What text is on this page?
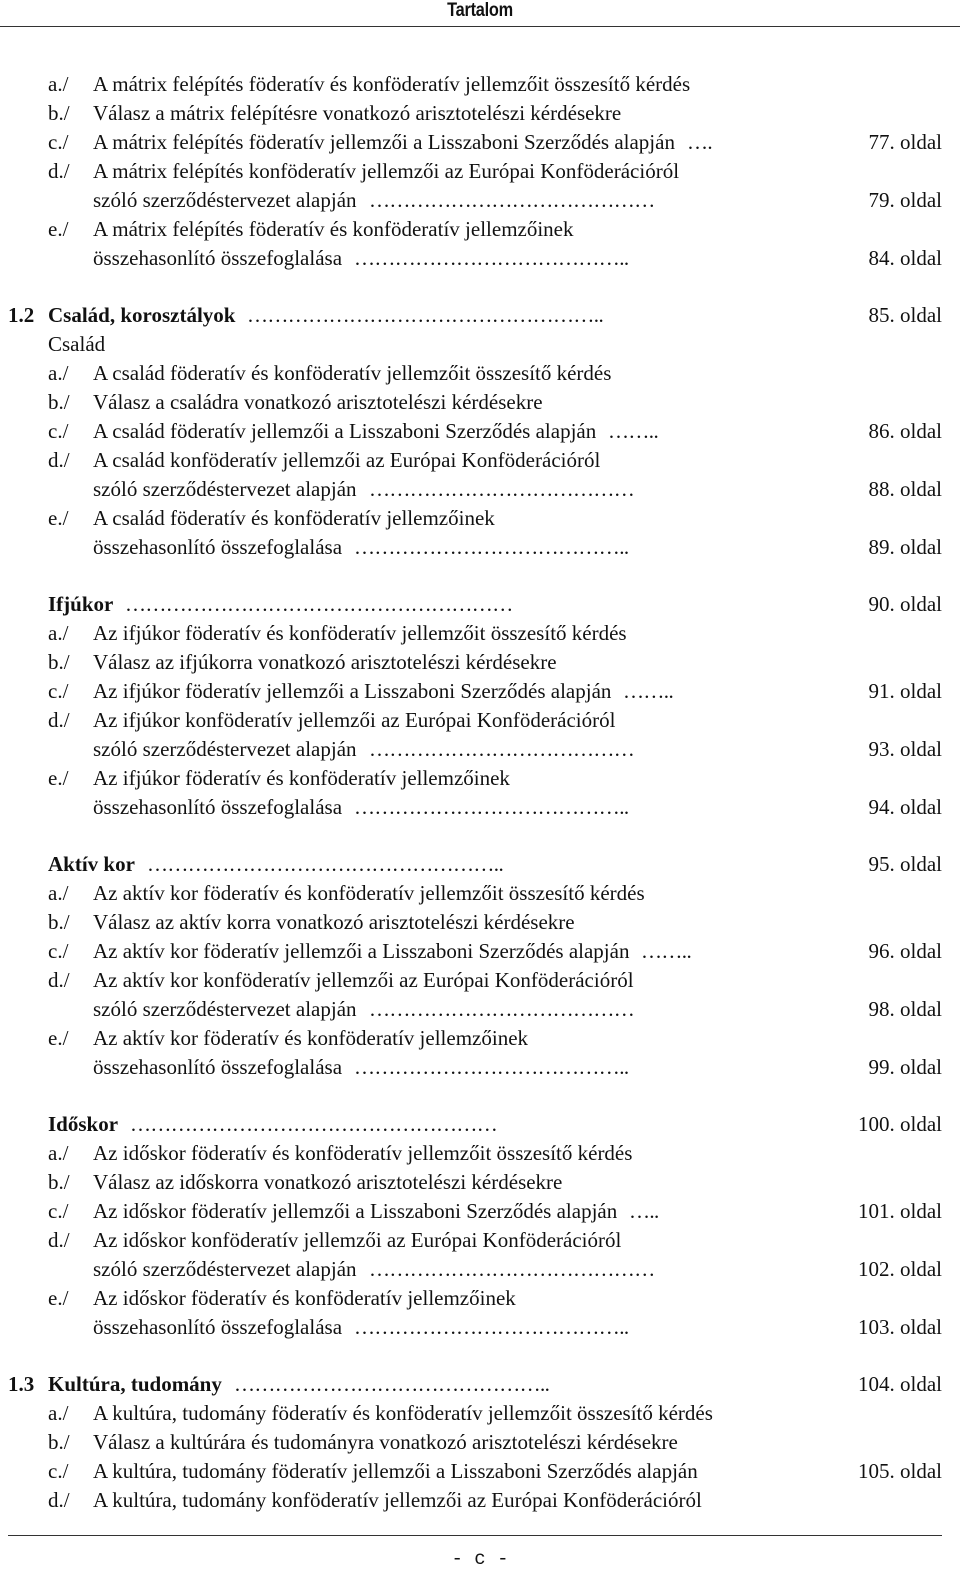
Tartalom
a./ A mátrix felépítés föderatív és konföderatív jellemzőit összesítő kérdés
b./ Válasz a mátrix felépítésre vonatkozó arisztotelészi kérdésekre
c./ A mátrix felépítés föderatív jellemzői a Lisszaboni Szerződés alapján ….	77. oldal
d./ A mátrix felépítés konföderatív jellemzői az Európai Konföderációról
szóló szerződéstervezet alapján ……………………………………	79. oldal
e./ A mátrix felépítés föderatív és konföderatív jellemzőinek
összehasonlító összefoglalása …………………………………..	84. oldal
1.2 Család, korosztályok ……………………………………………..	85. oldal
Család
a./ A család föderatív és konföderatív jellemzőit összesítő kérdés
b./ Válasz a családra vonatkozó arisztotelészi kérdésekre
c./ A család föderatív jellemzői a Lisszaboni Szerződés alapján ……..	86. oldal
d./ A család konföderatív jellemzői az Európai Konföderációról
szóló szerződéstervezet alapján …………………………………	88. oldal
e./ A család föderatív és konföderatív jellemzőinek
összehasonlító összefoglalása …………………………………..	89. oldal
Ifjúkor …………………………………………………	90. oldal
a./ Az ifjúkor föderatív és konföderatív jellemzőit összesítő kérdés
b./ Válasz az ifjúkorra vonatkozó arisztotelészi kérdésekre
c./ Az ifjúkor föderatív jellemzői a Lisszaboni Szerződés alapján ……..	91. oldal
d./ Az ifjúkor konföderatív jellemzői az Európai Konföderációról
szóló szerződéstervezet alapján …………………………………	93. oldal
e./ Az ifjúkor föderatív és konföderatív jellemzőinek
összehasonlító összefoglalása …………………………………..	94. oldal
Aktív kor ……………………………………………..	95. oldal
a./ Az aktív kor föderatív és konföderatív jellemzőit összesítő kérdés
b./ Válasz az aktív korra vonatkozó arisztotelészi kérdésekre
c./ Az aktív kor föderatív jellemzői a Lisszaboni Szerződés alapján ……..	96. oldal
d./ Az aktív kor konföderatív jellemzői az Európai Konföderációról
szóló szerződéstervezet alapján …………………………………	98. oldal
e./ Az aktív kor föderatív és konföderatív jellemzőinek
összehasonlító összefoglalása …………………………………..	99. oldal
Időskor ………………………………………………	100. oldal
a./ Az időskor föderatív és konföderatív jellemzőit összesítő kérdés
b./ Válasz az időskorra vonatkozó arisztotelészi kérdésekre
c./ Az időskor föderatív jellemzői a Lisszaboni Szerződés alapján …..	101. oldal
d./ Az időskor konföderatív jellemzői az Európai Konföderációról
szóló szerződéstervezet alapján ……………………………………	102. oldal
e./ Az időskor föderatív és konföderatív jellemzőinek
összehasonlító összefoglalása …………………………………..	103. oldal
1.3 Kultúra, tudomány ………………………………………..	104. oldal
a./ A kultúra, tudomány föderatív és konföderatív jellemzőit összesítő kérdés
b./ Válasz a kultúrára és tudományra vonatkozó arisztotelészi kérdésekre
c./ A kultúra, tudomány föderatív jellemzői a Lisszaboni Szerződés alapján	105. oldal
d./ A kultúra, tudomány konföderatív jellemzői az Európai Konföderációról
- c -
